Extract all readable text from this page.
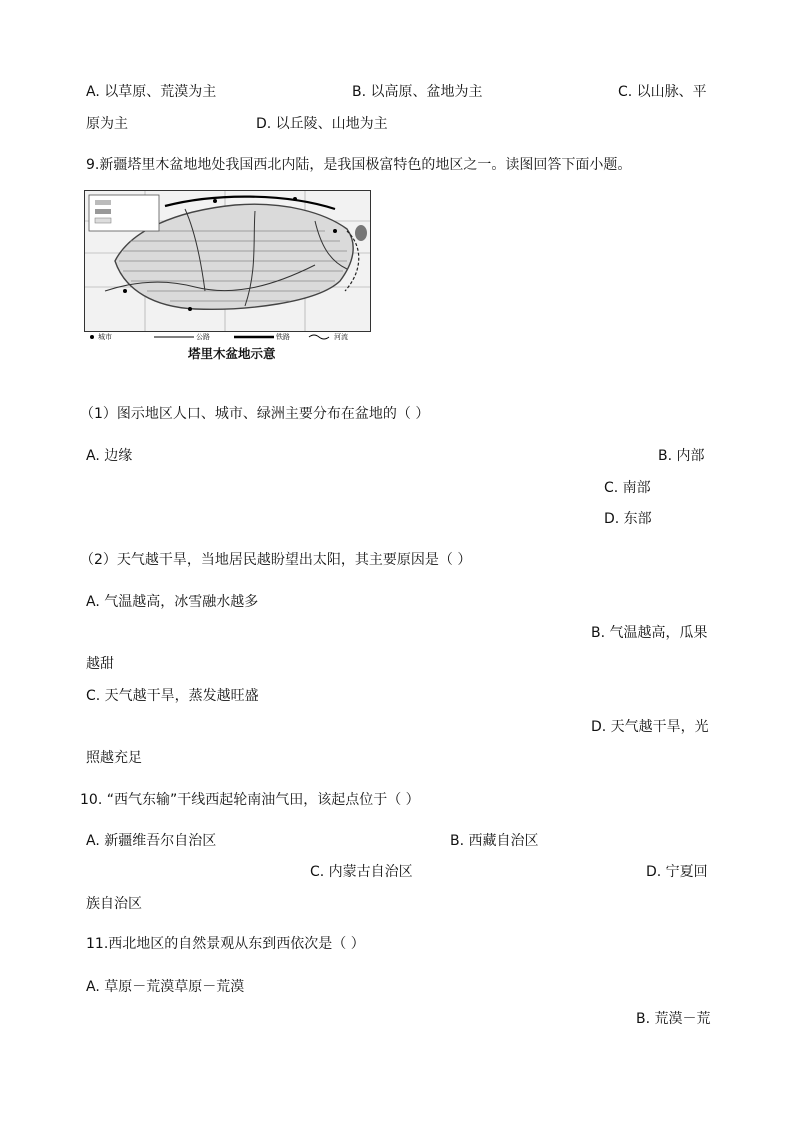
A. 以草原、荒漠为主	B. 以高原、盆地为主	C. 以山脉、平
原为主	D. 以丘陵、山地为主
9.新疆塔里木盆地地处我国西北内陆，是我国极富特色的地区之一。读图回答下面小题。
城市	公路	铁路	河流
塔里木盆地示意
（1）图示地区人口、城市、绿洲主要分布在盆地的（ ）
A. 边缘	B. 内部
C. 南部
D. 东部
（2）天气越干旱，当地居民越盼望出太阳，其主要原因是（ ）
A. 气温越高，冰雪融水越多
B. 气温越高，瓜果
越甜
C. 天气越干旱，蒸发越旺盛
D. 天气越干旱，光
照越充足
10. “西气东输”干线西起轮南油气田，该起点位于（ ）
A. 新疆维吾尔自治区	B. 西藏自治区
C. 内蒙古自治区	D. 宁夏回
族自治区
11.西北地区的自然景观从东到西依次是（ ）
A. 草原－荒漠草原－荒漠
B. 荒漠－荒
